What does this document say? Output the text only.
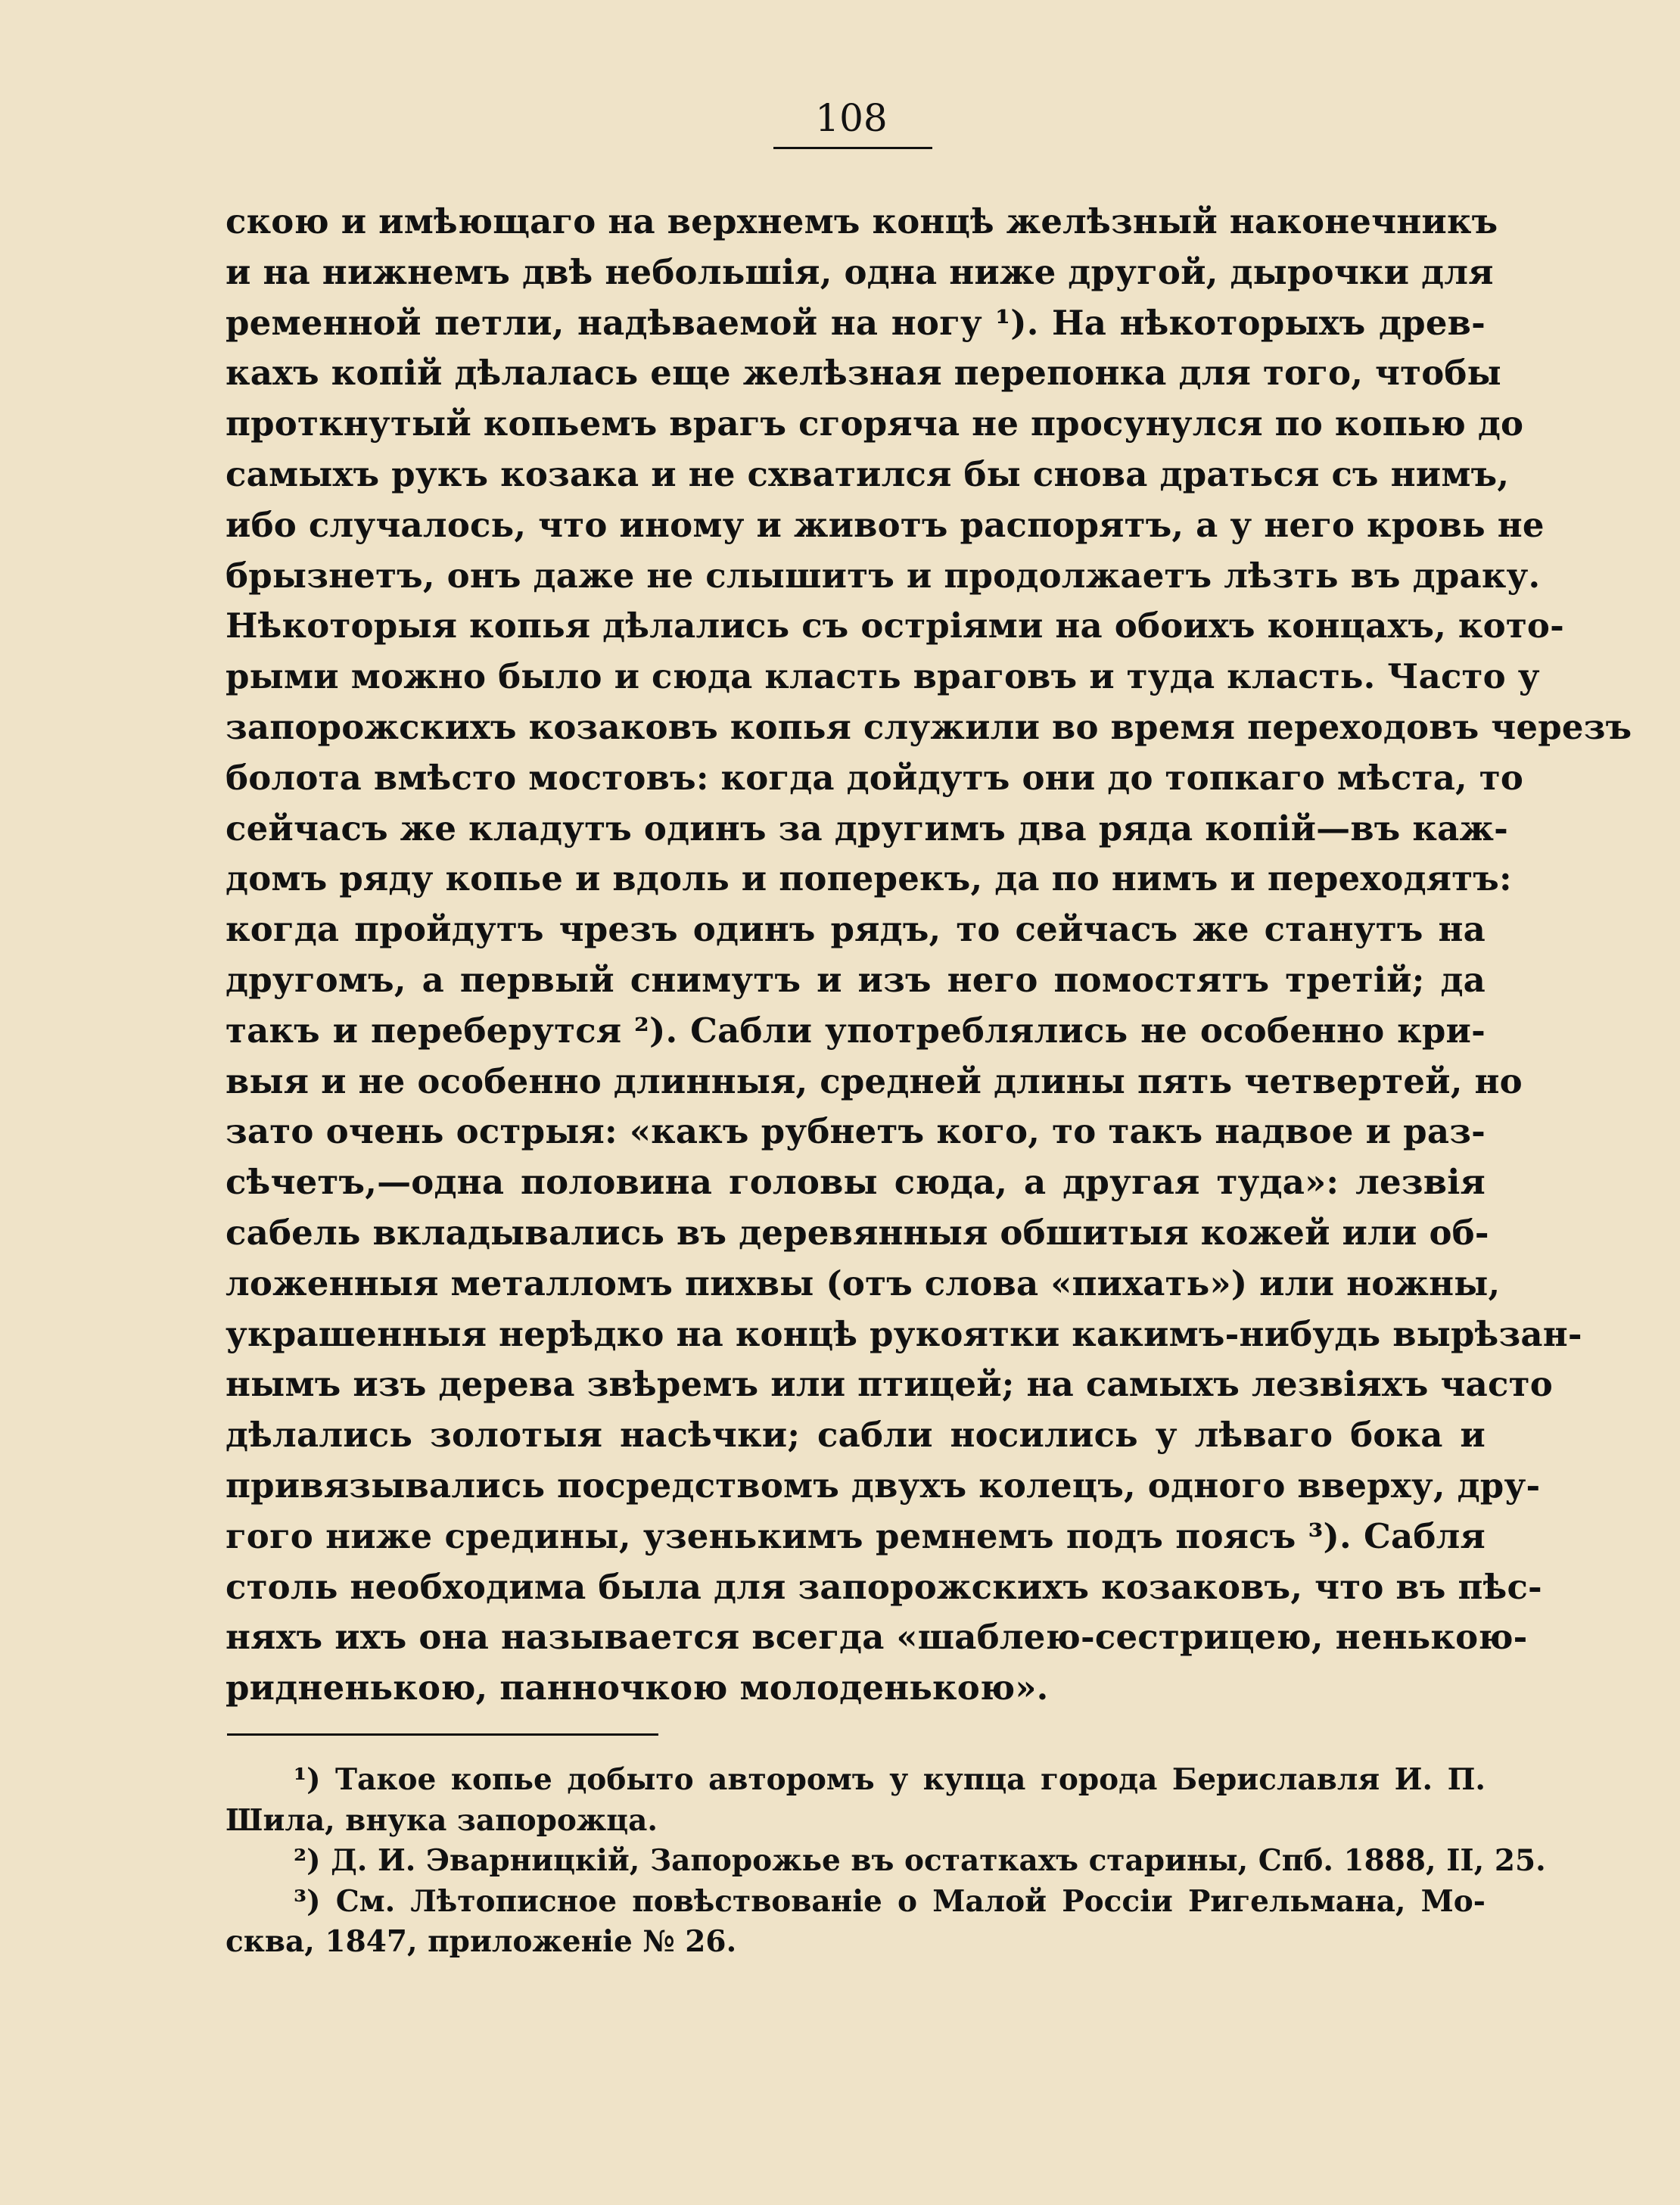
108
скою и имѣющаго на верхнемъ концѣ желѣзный наконечникъ
и на нижнемъ двѣ небольшія, одна ниже другой, дырочки для
ременной петли, надѣваемой на ногу ¹). На нѣкоторыхъ древ-
кахъ копій дѣлалась еще желѣзная перепонка для того, чтобы
проткнутый копьемъ врагъ сгоряча не просунулся по копью до
самыхъ рукъ козака и не схватился бы снова драться съ нимъ,
ибо случалось, что иному и животъ распорятъ, а у него кровь не
брызнетъ, онъ даже не слышитъ и продолжаетъ лѣзть въ драку.
Нѣкоторыя копья дѣлались съ остріями на обоихъ концахъ, кото-
рыми можно было и сюда класть враговъ и туда класть. Часто у
запорожскихъ козаковъ копья служили во время переходовъ черезъ
болота вмѣсто мостовъ: когда дойдутъ они до топкаго мѣста, то
сейчасъ же кладутъ одинъ за другимъ два ряда копій—въ каж-
домъ ряду копье и вдоль и поперекъ, да по нимъ и переходятъ:
когда пройдутъ чрезъ одинъ рядъ, то сейчасъ же станутъ на
другомъ, а первый снимутъ и изъ него помостятъ третій; да
такъ и переберутся ²). Сабли употреблялись не особенно кри-
выя и не особенно длинныя, средней длины пять четвертей, но
зато очень острыя: «какъ рубнетъ кого, то такъ надвое и раз-
сѣчетъ,—одна половина головы сюда, а другая туда»: лезвія
сабель вкладывались въ деревянныя обшитыя кожей или об-
ложенныя металломъ пихвы (отъ слова «пихать») или ножны,
украшенныя нерѣдко на концѣ рукоятки какимъ-нибудь вырѣзан-
нымъ изъ дерева звѣремъ или птицей; на самыхъ лезвіяхъ часто
дѣлались золотыя насѣчки; сабли носились у лѣваго бока и
привязывались посредствомъ двухъ колецъ, одного вверху, дру-
гого ниже средины, узенькимъ ремнемъ подъ поясъ ³). Сабля
столь необходима была для запорожскихъ козаковъ, что въ пѣс-
няхъ ихъ она называется всегда «шаблею-сестрицею, ненькою-
ридненькою, панночкою молоденькою».
¹) Такое копье добыто авторомъ у купца города Бериславля И. П.
Шила, внука запорожца.
²) Д. И. Эварницкій, Запорожье въ остаткахъ старины, Спб. 1888, II, 25.
³) См. Лѣтописное повѣствованіе о Малой Россіи Ригельмана, Мо-
сква, 1847, приложеніе № 26.
